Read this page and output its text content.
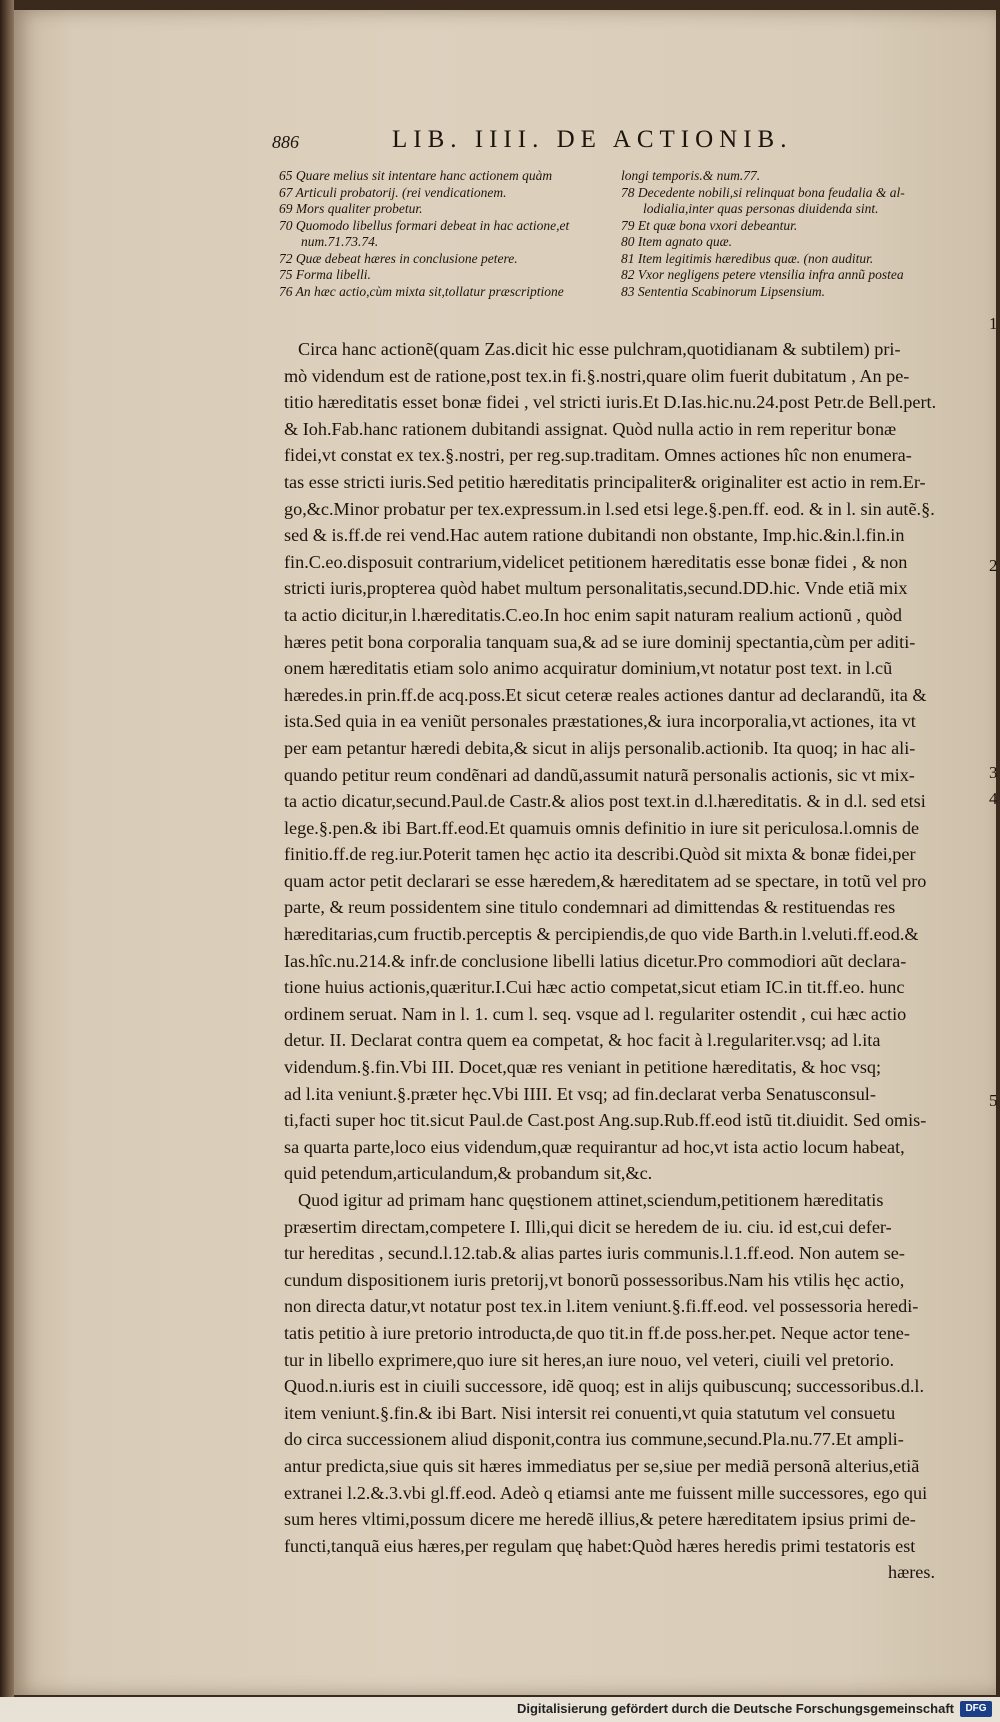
886	LIB. IIII. DE ACTIONIB.
65 Quare melius sit intentare hanc actionem quàm
67 Articuli probatorij. (rei vendicationem.
69 Mors qualiter probetur.
70 Quomodo libellus formari debeat in hac actione,et
num.71.73.74.
72 Quæ debeat hæres in conclusione petere.
75 Forma libelli.
76 An hæc actio,cùm mixta sit,tollatur præscriptione
longi temporis.& num.77.
78 Decedente nobili,si relinquat bona feudalia & al-
lodialia,inter quas personas diuidenda sint.
79 Et quæ bona vxori debeantur.
80 Item agnato quæ.
81 Item legitimis hæredibus quæ. (non auditur.
82 Vxor negligens petere vtensilia infra annũ postea
83 Sententia Scabinorum Lipsensium.
Circa hanc actionẽ(quam Zas.dicit hic esse pulchram,quotidianam & subtilem) pri-
mò videndum est de ratione,post tex.in fi.§.nostri,quare olim fuerit dubitatum , An pe-
titio hæreditatis esset bonæ fidei , vel stricti iuris.Et D.Ias.hic.nu.24.post Petr.de Bell.pert.
& Ioh.Fab.hanc rationem dubitandi assignat. Quòd nulla actio in rem reperitur bonæ
fidei,vt constat ex tex.§.nostri, per reg.sup.traditam. Omnes actiones hîc non enumera-
tas esse stricti iuris.Sed petitio hæreditatis principaliter& originaliter est actio in rem.Er-
go,&c.Minor probatur per tex.expressum.in l.sed etsi lege.§.pen.ff. eod. & in l. sin autẽ.§.
sed & is.ff.de rei vend.Hac autem ratione dubitandi non obstante, Imp.hic.&in.l.fin.in
fin.C.eo.disposuit contrarium,videlicet petitionem hæreditatis esse bonæ fidei , & non
stricti iuris,propterea quòd habet multum personalitatis,secund.DD.hic. Vnde etiã mix
ta actio dicitur,in l.hæreditatis.C.eo.In hoc enim sapit naturam realium actionũ , quòd
hæres petit bona corporalia tanquam sua,& ad se iure dominij spectantia,cùm per aditi-
onem hæreditatis etiam solo animo acquiratur dominium,vt notatur post text. in l.cũ
hæredes.in prin.ff.de acq.poss.Et sicut ceteræ reales actiones dantur ad declarandũ, ita &
ista.Sed quia in ea veniũt personales præstationes,& iura incorporalia,vt actiones, ita vt
per eam petantur hæredi debita,& sicut in alijs personalib.actionib. Ita quoq; in hac ali-
quando petitur reum condẽnari ad dandũ,assumit naturã personalis actionis, sic vt mix-
ta actio dicatur,secund.Paul.de Castr.& alios post text.in d.l.hæreditatis. & in d.l. sed etsi
lege.§.pen.& ibi Bart.ff.eod.Et quamuis omnis definitio in iure sit periculosa.l.omnis de
finitio.ff.de reg.iur.Poterit tamen hęc actio ita describi.Quòd sit mixta & bonæ fidei,per
quam actor petit declarari se esse hæredem,& hæreditatem ad se spectare, in totũ vel pro
parte, & reum possidentem sine titulo condemnari ad dimittendas & restituendas res
hæreditarias,cum fructib.perceptis & percipiendis,de quo vide Barth.in l.veluti.ff.eod.&
Ias.hîc.nu.214.& infr.de conclusione libelli latius dicetur.Pro commodiori aũt declara-
tione huius actionis,quæritur.I.Cui hæc actio competat,sicut etiam IC.in tit.ff.eo. hunc
ordinem seruat. Nam in l. 1. cum l. seq. vsque ad l. regulariter ostendit , cui hæc actio
detur. II. Declarat contra quem ea competat, & hoc facit à l.regulariter.vsq; ad l.ita
videndum.§.fin.Vbi III. Docet,quæ res veniant in petitione hæreditatis, & hoc vsq;
ad l.ita veniunt.§.præter hęc.Vbi IIII. Et vsq; ad fin.declarat verba Senatusconsul-
ti,facti super hoc tit.sicut Paul.de Cast.post Ang.sup.Rub.ff.eod istũ tit.diuidit. Sed omis-
sa quarta parte,loco eius videndum,quæ requirantur ad hoc,vt ista actio locum habeat,
quid petendum,articulandum,& probandum sit,&c.
Quod igitur ad primam hanc quęstionem attinet,sciendum,petitionem hæreditatis
præsertim directam,competere I. Illi,qui dicit se heredem de iu. ciu. id est,cui defer-
tur hereditas , secund.l.12.tab.& alias partes iuris communis.l.1.ff.eod. Non autem se-
cundum dispositionem iuris pretorij,vt bonorũ possessoribus.Nam his vtilis hęc actio,
non directa datur,vt notatur post tex.in l.item veniunt.§.fi.ff.eod. vel possessoria heredi-
tatis petitio à iure pretorio introducta,de quo tit.in ff.de poss.her.pet. Neque actor tene-
tur in libello exprimere,quo iure sit heres,an iure nouo, vel veteri, ciuili vel pretorio.
Quod.n.iuris est in ciuili successore, idẽ quoq; est in alijs quibuscunq; successoribus.d.l.
item veniunt.§.fin.& ibi Bart. Nisi intersit rei conuenti,vt quia statutum vel consuetu
do circa successionem aliud disponit,contra ius commune,secund.Pla.nu.77.Et ampli-
antur predicta,siue quis sit hæres immediatus per se,siue per mediã personã alterius,etiã
extranei l.2.&.3.vbi gl.ff.eod. Adeò q etiamsi ante me fuissent mille successores, ego qui
sum heres vltimi,possum dicere me heredẽ illius,& petere hæreditatem ipsius primi de-
functi,tanquã eius hæres,per regulam quę habet:Quòd hæres heredis primi testatoris est
hæres.
1
2
3
4
5
Digitalisierung gefördert durch die Deutsche Forschungsgemeinschaft	DFG
